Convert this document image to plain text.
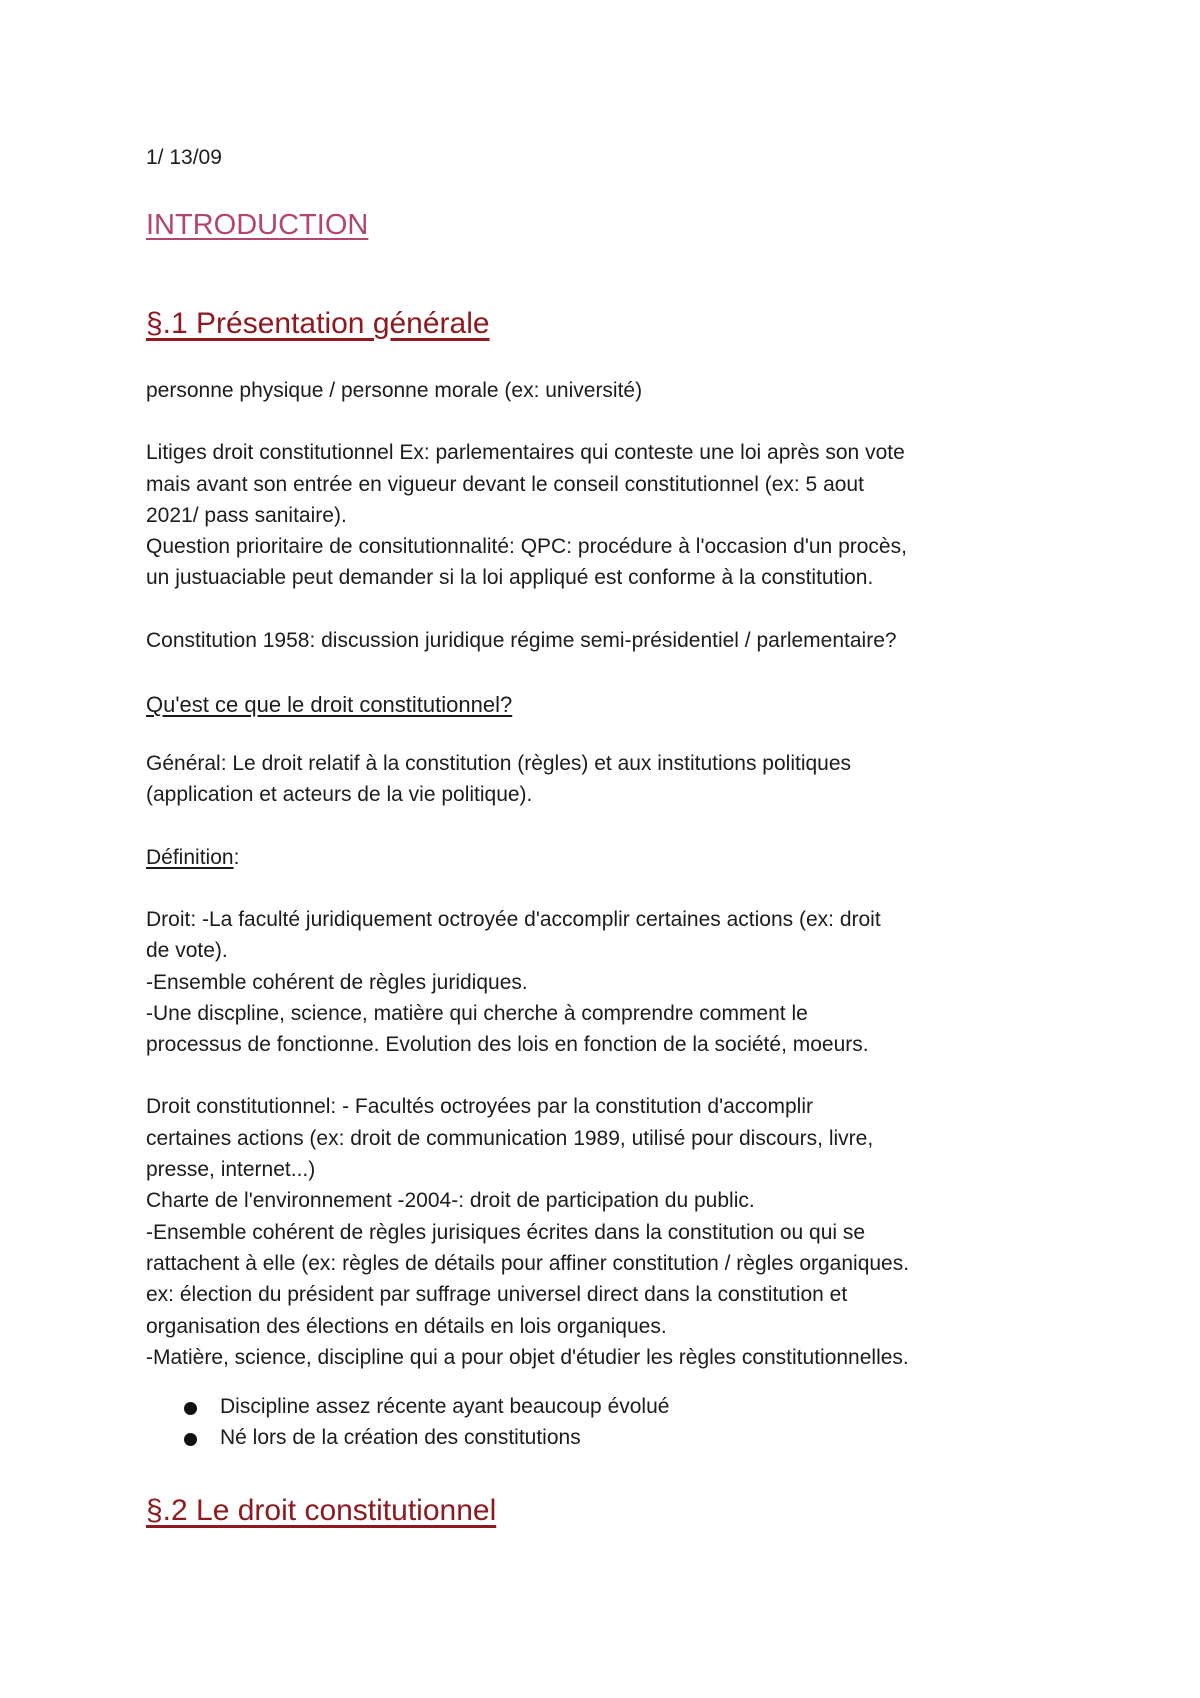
1/ 13/09
INTRODUCTION
§.1 Présentation générale

personne physique / personne morale (ex: université)

Litiges droit constitutionnel Ex: parlementaires qui conteste une loi après son vote

mais avant son entrée en vigueur devant le conseil constitutionnel (ex: 5 aout

2021/ pass sanitaire).

Question prioritaire de consitutionnalité: QPC: procédure à l'occasion d'un procès,

un justuaciable peut demander si la loi appliqué est conforme à la constitution.

Constitution 1958: discussion juridique régime semi-présidentiel / parlementaire?

Qu'est ce que le droit constitutionnel?

Général: Le droit relatif à la constitution (règles) et aux institutions politiques

(application et acteurs de la vie politique).

Définition:

Droit: -La faculté juridiquement octroyée d'accomplir certaines actions (ex: droit

de vote).

-Ensemble cohérent de règles juridiques.

-Une discpline, science, matière qui cherche à comprendre comment le

processus de fonctionne. Evolution des lois en fonction de la société, moeurs.

Droit constitutionnel: - Facultés octroyées par la constitution d'accomplir

certaines actions (ex: droit de communication 1989, utilisé pour discours, livre,

presse, internet...)

Charte de l'environnement -2004-: droit de participation du public.

-Ensemble cohérent de règles jurisiques écrites dans la constitution ou qui se

rattachent à elle (ex: règles de détails pour affiner constitution / règles organiques.

ex: élection du président par suffrage universel direct dans la constitution et

organisation des élections en détails en lois organiques.

-Matière, science, discipline qui a pour objet d'étudier les règles constitutionnelles.

Discipline assez récente ayant beaucoup évolué
Né lors de la création des constitutions
§.2 Le droit constitutionnel
